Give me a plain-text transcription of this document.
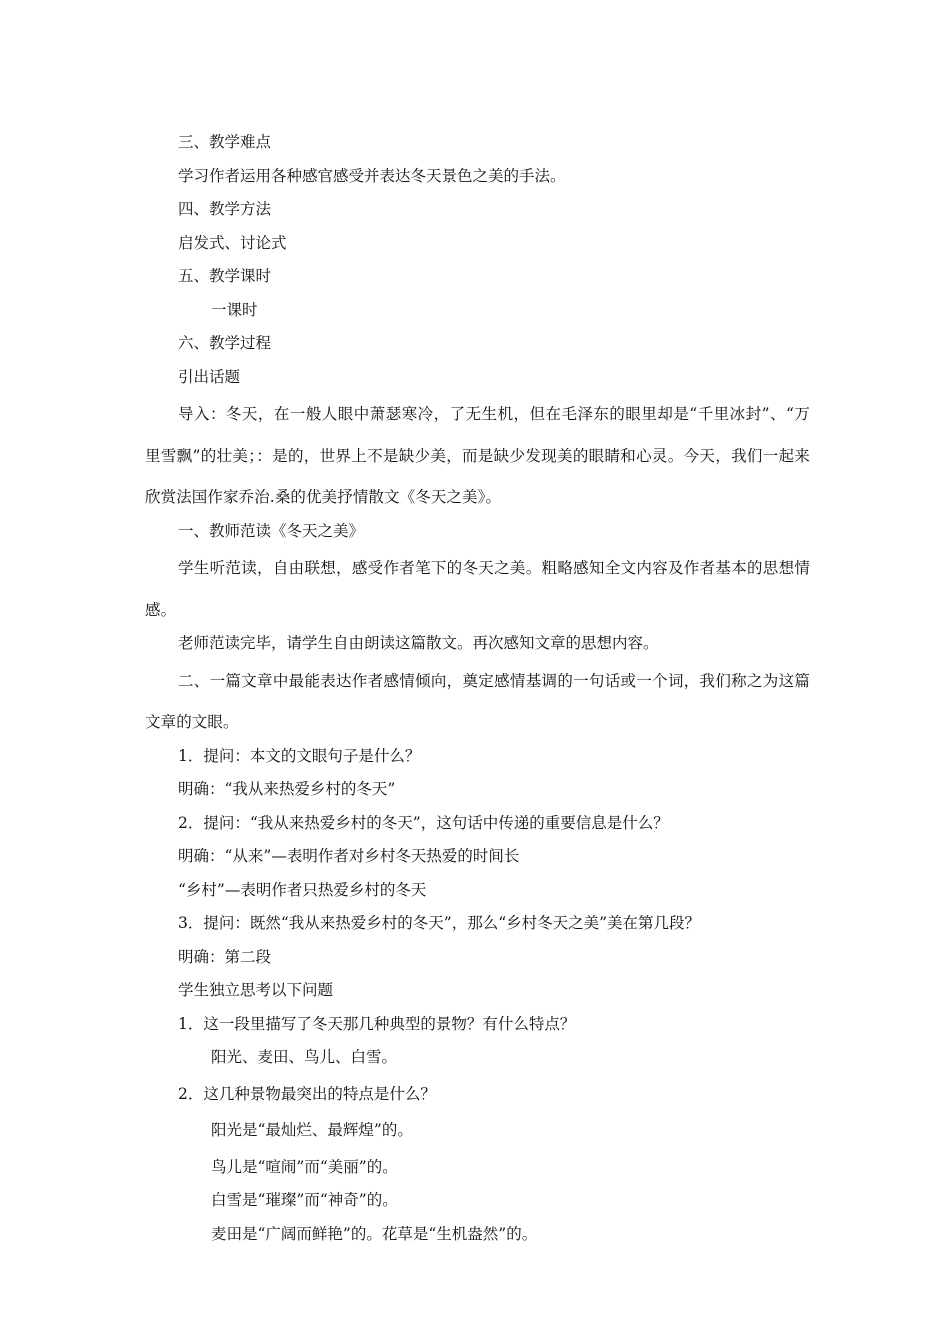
三、教学难点

学习作者运用各种感官感受并表达冬天景色之美的手法。

四、教学方法

启发式、讨论式

五、教学课时

一课时

六、教学过程

引出话题

导入：冬天，在一般人眼中萧瑟寒冷，了无生机，但在毛泽东的眼里却是“千里冰封”、“万里雪飘”的壮美；：是的，世界上不是缺少美，而是缺少发现美的眼睛和心灵。今天，我们一起来欣赏法国作家乔治.桑的优美抒情散文《冬天之美》。

一、教师范读《冬天之美》

学生听范读，自由联想，感受作者笔下的冬天之美。粗略感知全文内容及作者基本的思想情感。

老师范读完毕，请学生自由朗读这篇散文。再次感知文章的思想内容。

二、一篇文章中最能表达作者感情倾向，奠定感情基调的一句话或一个词，我们称之为这篇文章的文眼。

1．提问：本文的文眼句子是什么？

明确：“我从来热爱乡村的冬天”

2．提问：“我从来热爱乡村的冬天”，这句话中传递的重要信息是什么？

明确：“从来”—表明作者对乡村冬天热爱的时间长

“乡村”—表明作者只热爱乡村的冬天

3．提问：既然“我从来热爱乡村的冬天”，那么“乡村冬天之美”美在第几段？

明确：第二段

学生独立思考以下问题

1．这一段里描写了冬天那几种典型的景物？有什么特点？

阳光、麦田、鸟儿、白雪。

2．这几种景物最突出的特点是什么？

阳光是“最灿烂、最辉煌”的。

鸟儿是“喧闹”而“美丽”的。

白雪是“璀璨”而“神奇”的。

麦田是“广阔而鲜艳”的。花草是“生机盎然”的。
